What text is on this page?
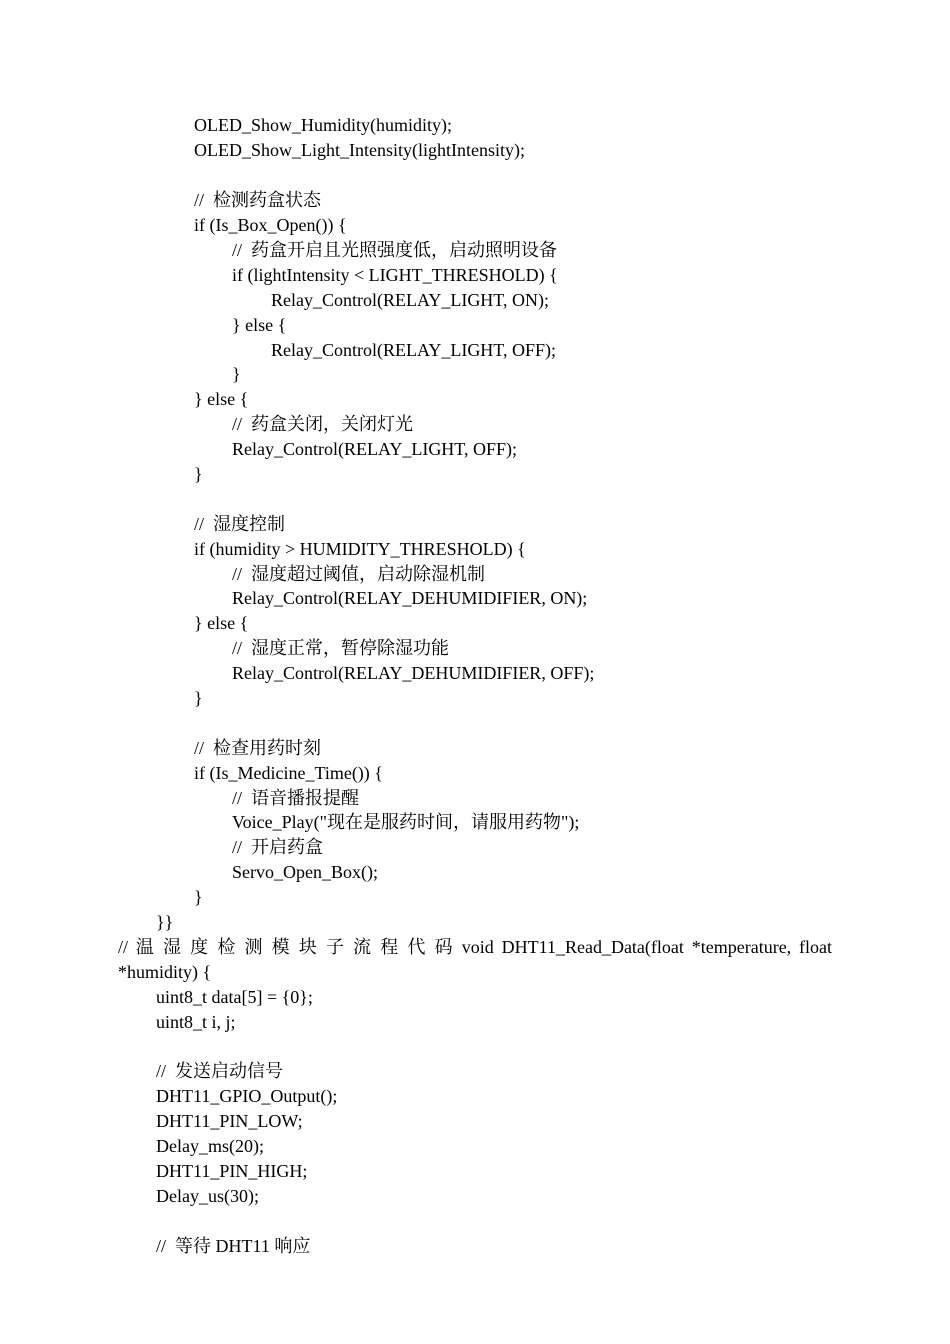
OLED_Show_Humidity(humidity);
OLED_Show_Light_Intensity(lightIntensity);
//  检测药盒状态
if (Is_Box_Open()) {
//  药盒开启且光照强度低，启动照明设备
if (lightIntensity < LIGHT_THRESHOLD) {
Relay_Control(RELAY_LIGHT, ON);
} else {
Relay_Control(RELAY_LIGHT, OFF);
}
} else {
//  药盒关闭，关闭灯光
Relay_Control(RELAY_LIGHT, OFF);
}
//  湿度控制
if (humidity > HUMIDITY_THRESHOLD) {
//  湿度超过阈值，启动除湿机制
Relay_Control(RELAY_DEHUMIDIFIER, ON);
} else {
//  湿度正常，暂停除湿功能
Relay_Control(RELAY_DEHUMIDIFIER, OFF);
}
//  检查用药时刻
if (Is_Medicine_Time()) {
//  语音播报提醒
Voice_Play("现在是服药时间，请服用药物");
//  开启药盒
Servo_Open_Box();
}
}}
// 温 湿 度 检 测 模 块 子 流 程 代 码 void DHT11_Read_Data(float *temperature, float
*humidity) {
uint8_t data[5] = {0};
uint8_t i, j;
//  发送启动信号
DHT11_GPIO_Output();
DHT11_PIN_LOW;
Delay_ms(20);
DHT11_PIN_HIGH;
Delay_us(30);
//  等待 DHT11 响应
